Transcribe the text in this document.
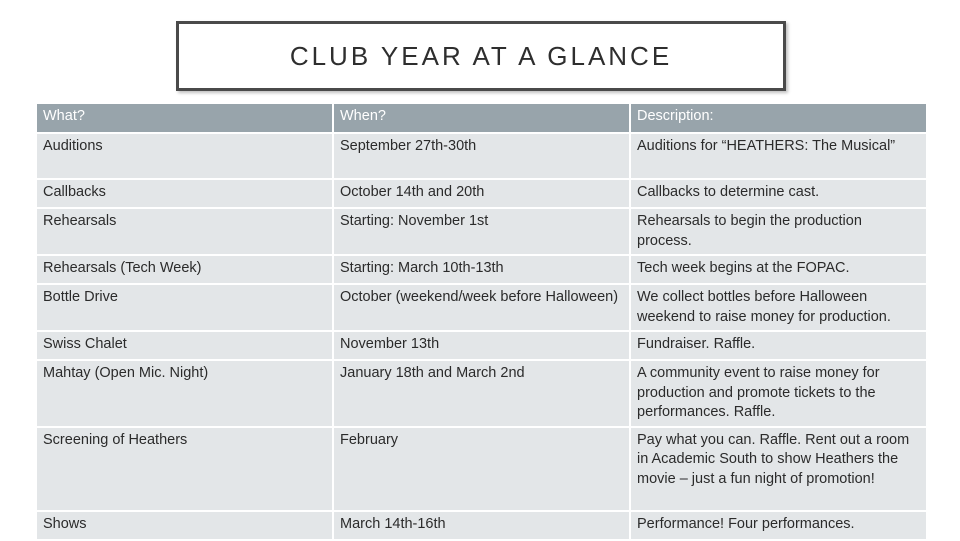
CLUB YEAR AT A GLANCE
What?	When?	Description:
Auditions	September 27th-30th	Auditions for “HEATHERS: The Musical”
Callbacks	October 14th and 20th	Callbacks to determine cast.
Rehearsals	Starting: November 1st	Rehearsals to begin the production process.
Rehearsals (Tech Week)	Starting: March 10th-13th	Tech week begins at the FOPAC.
Bottle Drive	October (weekend/week before Halloween)	We collect bottles before Halloween weekend to raise money for production.
Swiss Chalet	November 13th	Fundraiser. Raffle.
Mahtay (Open Mic. Night)	January 18th and March 2nd	A community event to raise money for production and promote tickets to the performances. Raffle.
Screening of Heathers	February	Pay what you can. Raffle. Rent out a room in Academic South to show Heathers the movie – just a fun night of promotion!
Shows	March 14th-16th	Performance! Four performances.
